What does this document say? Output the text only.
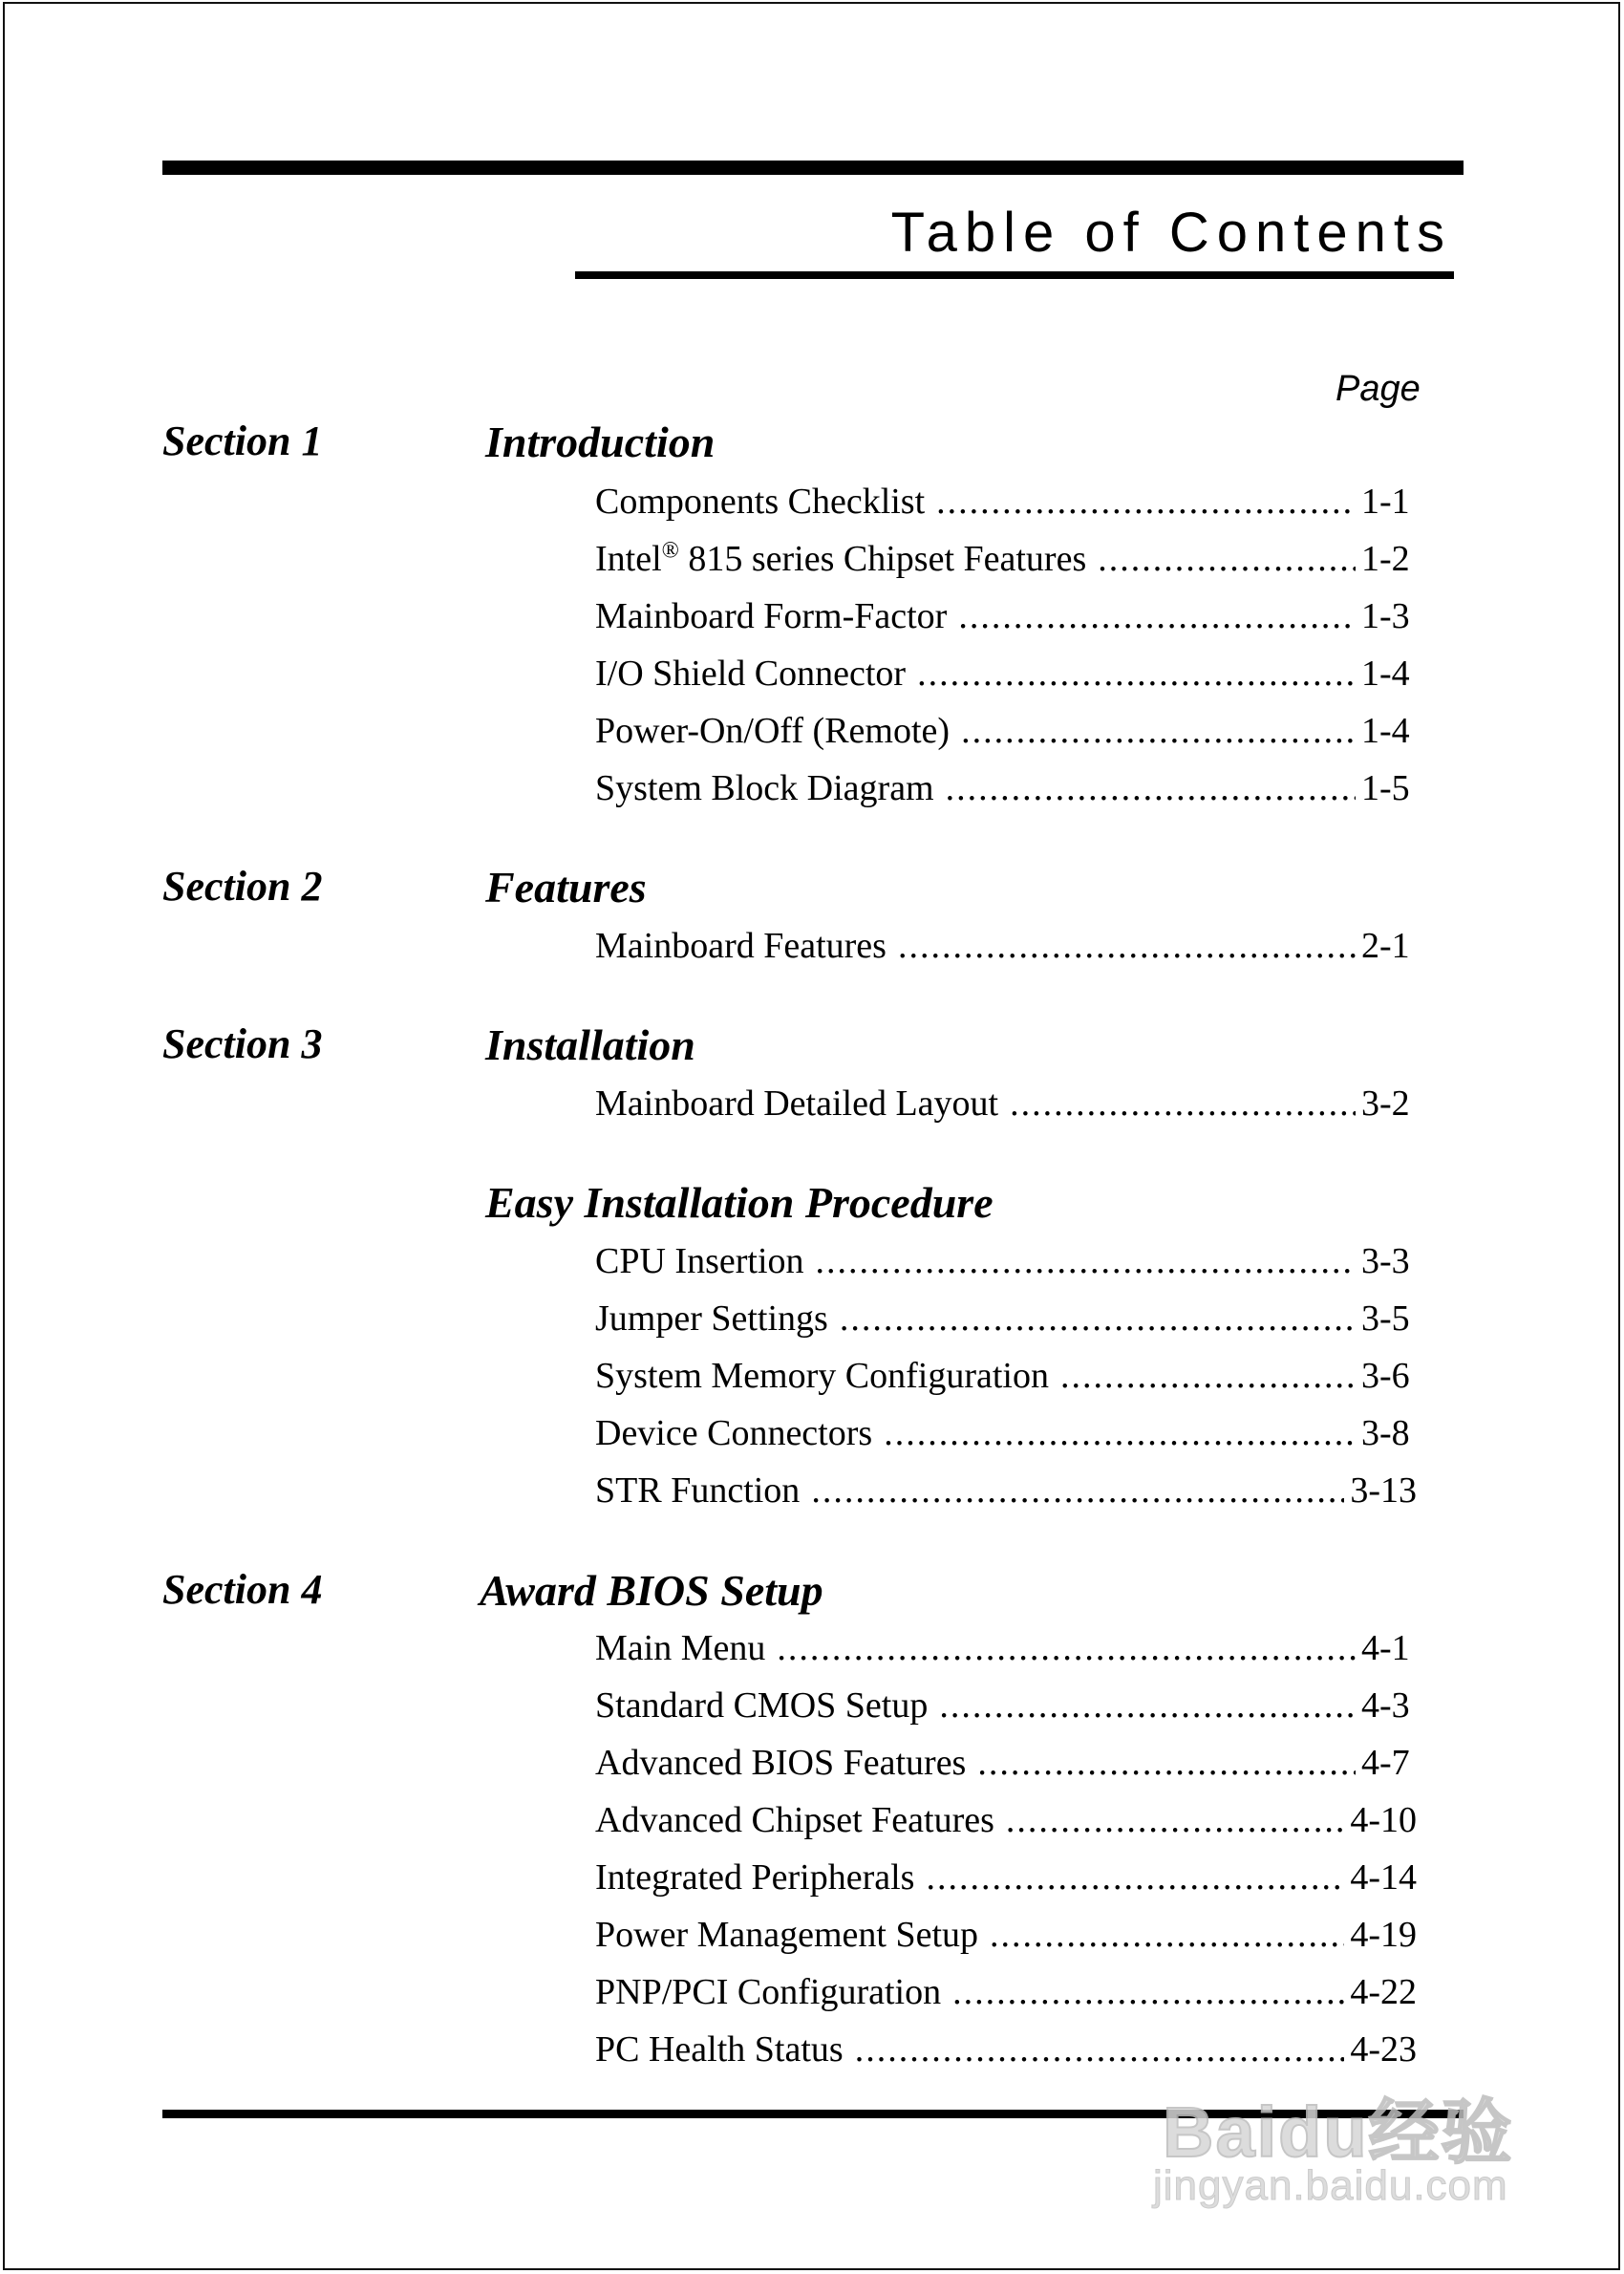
Table of Contents
Page
Section 1	Introduction
Components Checklist .....	1-1
Intel® 815 series Chipset Features .....	1-2
Mainboard Form-Factor .....	1-3
I/O Shield Connector .....	1-4
Power-On/Off (Remote) .....	1-4
System Block Diagram .....	1-5
Section 2	Features
Mainboard Features .....	2-1
Section 3	Installation
Mainboard Detailed Layout .....	3-2
Easy Installation Procedure
CPU Insertion .....	3-3
Jumper Settings .....	3-5
System Memory Configuration .....	3-6
Device Connectors .....	3-8
STR Function .....	3-13
Section 4	Award BIOS Setup
Main Menu .....	4-1
Standard CMOS Setup .....	4-3
Advanced BIOS Features .....	4-7
Advanced Chipset Features .....	4-10
Integrated Peripherals .....	4-14
Power Management Setup .....	4-19
PNP/PCI Configuration .....	4-22
PC Health Status .....	4-23
Baidu经验
jingyan.baidu.com
